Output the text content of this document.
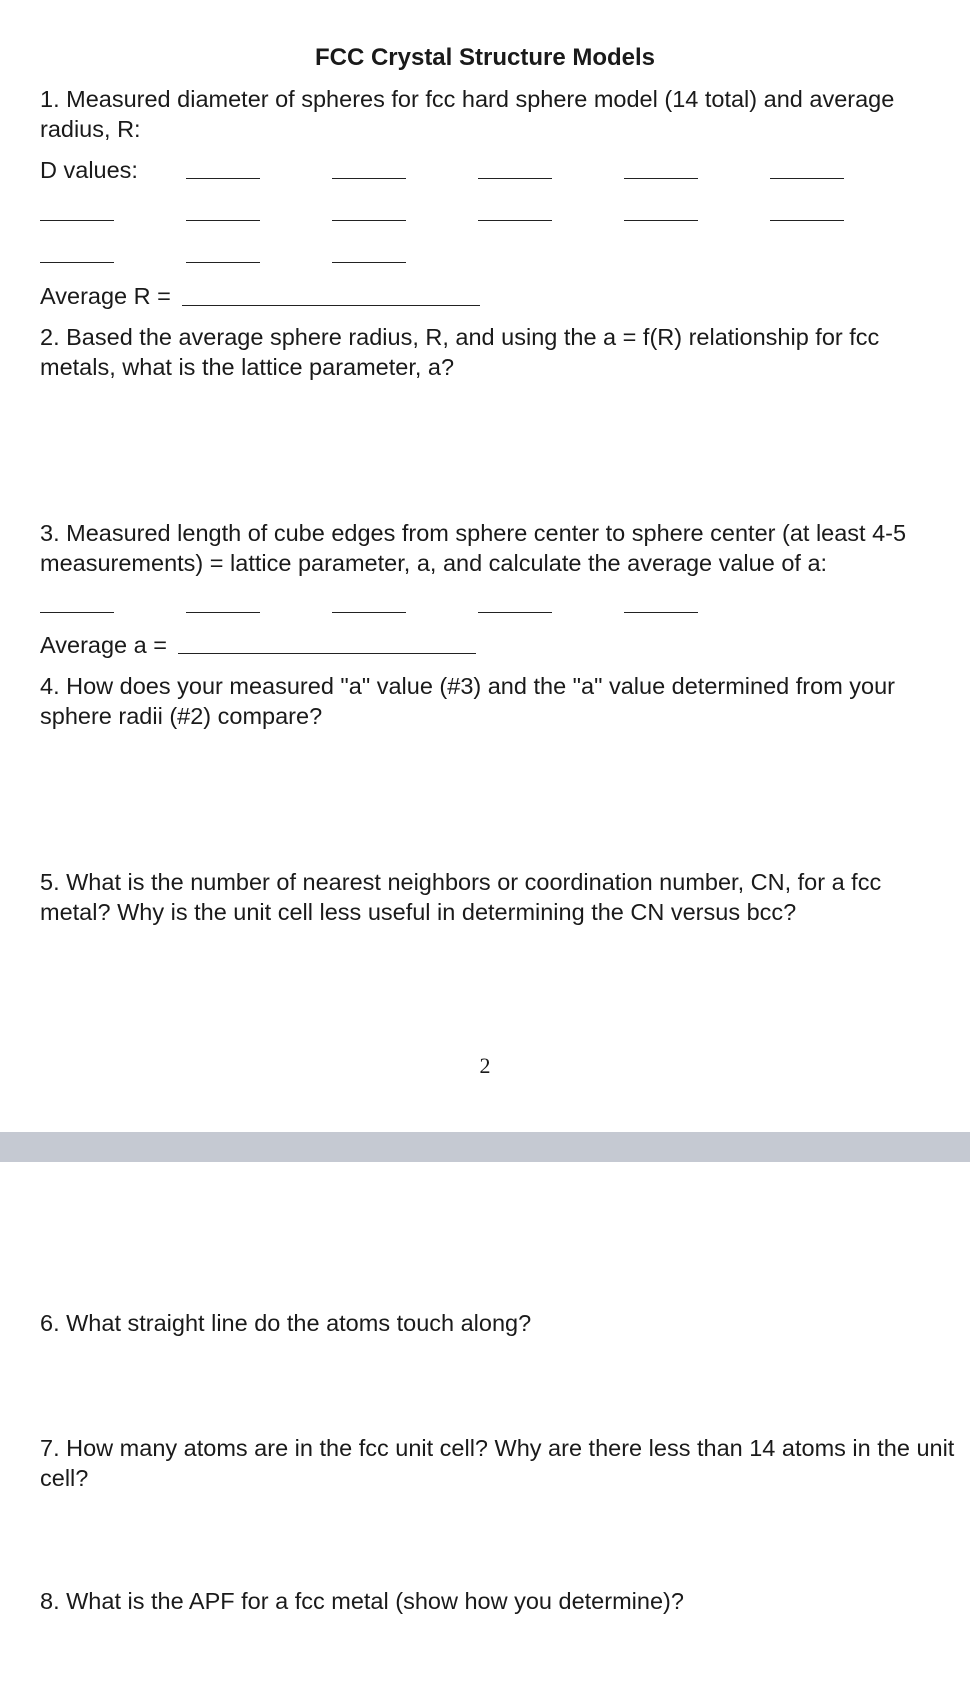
FCC Crystal Structure Models
1. Measured diameter of spheres for fcc hard sphere model (14 total) and average radius, R:
D values:
Average R =
2. Based the average sphere radius, R, and using the a = f(R) relationship for fcc metals, what is the lattice parameter, a?
3. Measured length of cube edges from sphere center to sphere center (at least 4-5 measurements) = lattice parameter, a, and calculate the average value of a:
Average a =
4. How does your measured "a" value (#3) and the "a" value determined from your sphere radii (#2) compare?
5. What is the number of nearest neighbors or coordination number, CN, for a fcc metal? Why is the unit cell less useful in determining the CN versus bcc?
2
6. What straight line do the atoms touch along?
7. How many atoms are in the fcc unit cell? Why are there less than 14 atoms in the unit cell?
8. What is the APF for a fcc metal (show how you determine)?
